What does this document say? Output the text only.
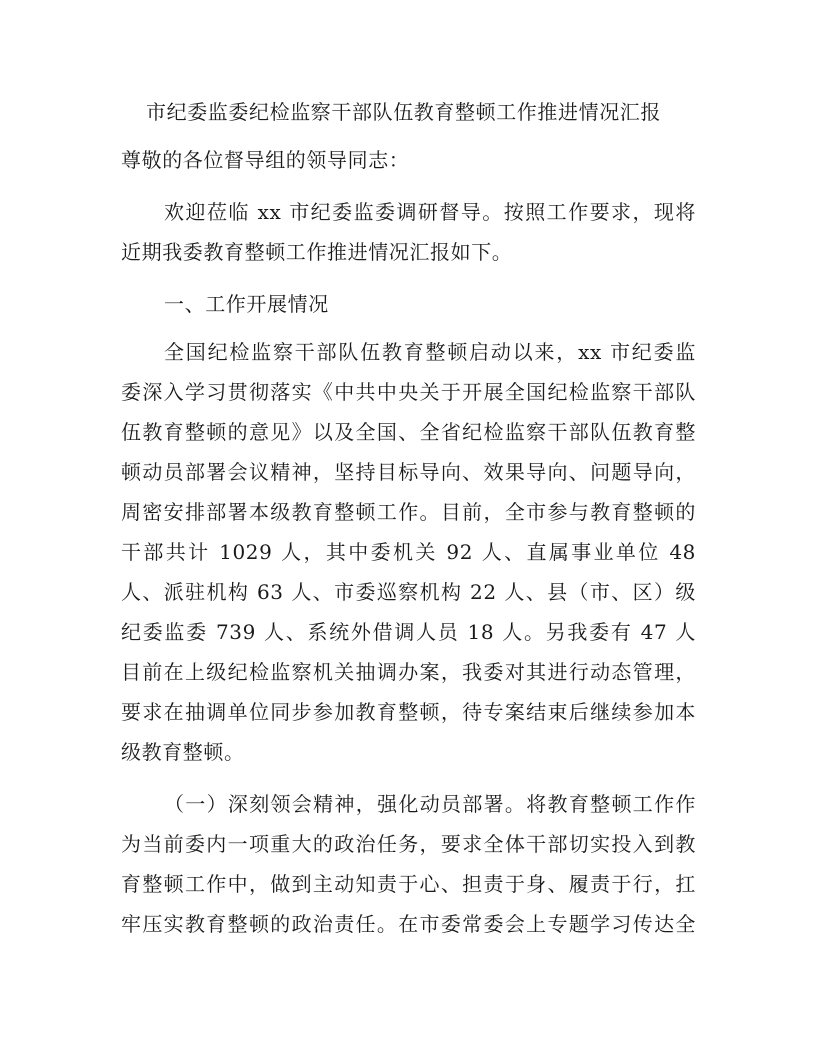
市纪委监委纪检监察干部队伍教育整顿工作推进情况汇报
尊敬的各位督导组的领导同志：
欢迎莅临 xx 市纪委监委调研督导。按照工作要求，现将
近期我委教育整顿工作推进情况汇报如下。
一、工作开展情况
全国纪检监察干部队伍教育整顿启动以来，xx 市纪委监
委深入学习贯彻落实《中共中央关于开展全国纪检监察干部队
伍教育整顿的意见》以及全国、全省纪检监察干部队伍教育整
顿动员部署会议精神，坚持目标导向、效果导向、问题导向，
周密安排部署本级教育整顿工作。目前，全市参与教育整顿的
干部共计 1029 人，其中委机关 92 人、直属事业单位 48
人、派驻机构 63 人、市委巡察机构 22 人、县（市、区）级
纪委监委 739 人、系统外借调人员 18 人。另我委有 47 人
目前在上级纪检监察机关抽调办案，我委对其进行动态管理，
要求在抽调单位同步参加教育整顿，待专案结束后继续参加本
级教育整顿。
（一）深刻领会精神，强化动员部署。将教育整顿工作作
为当前委内一项重大的政治任务，要求全体干部切实投入到教
育整顿工作中，做到主动知责于心、担责于身、履责于行，扛
牢压实教育整顿的政治责任。在市委常委会上专题学习传达全
